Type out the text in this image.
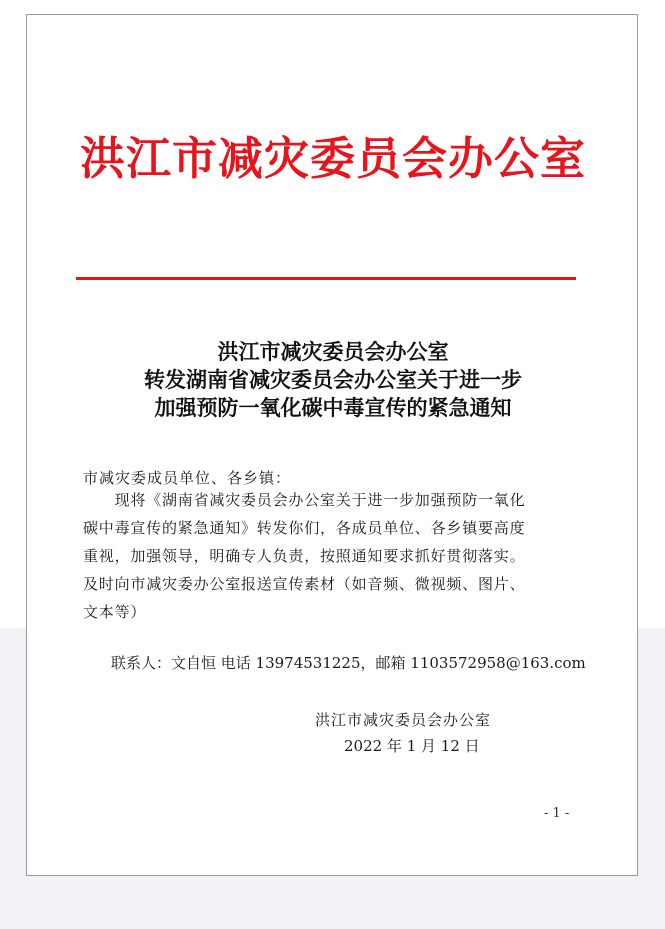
洪江市减灾委员会办公室
洪江市减灾委员会办公室
转发湖南省减灾委员会办公室关于进一步
加强预防一氧化碳中毒宣传的紧急通知
市减灾委成员单位、各乡镇：
　　现将《湖南省减灾委员会办公室关于进一步加强预防一氧化
碳中毒宣传的紧急通知》转发你们，各成员单位、各乡镇要高度
重视，加强领导，明确专人负责，按照通知要求抓好贯彻落实。
及时向市减灾委办公室报送宣传素材（如音频、微视频、图片、
文本等）
联系人：文自恒 电话 13974531225，邮箱 1103572958@163.com
洪江市减灾委员会办公室
2022 年 1 月 12 日
- 1 -
